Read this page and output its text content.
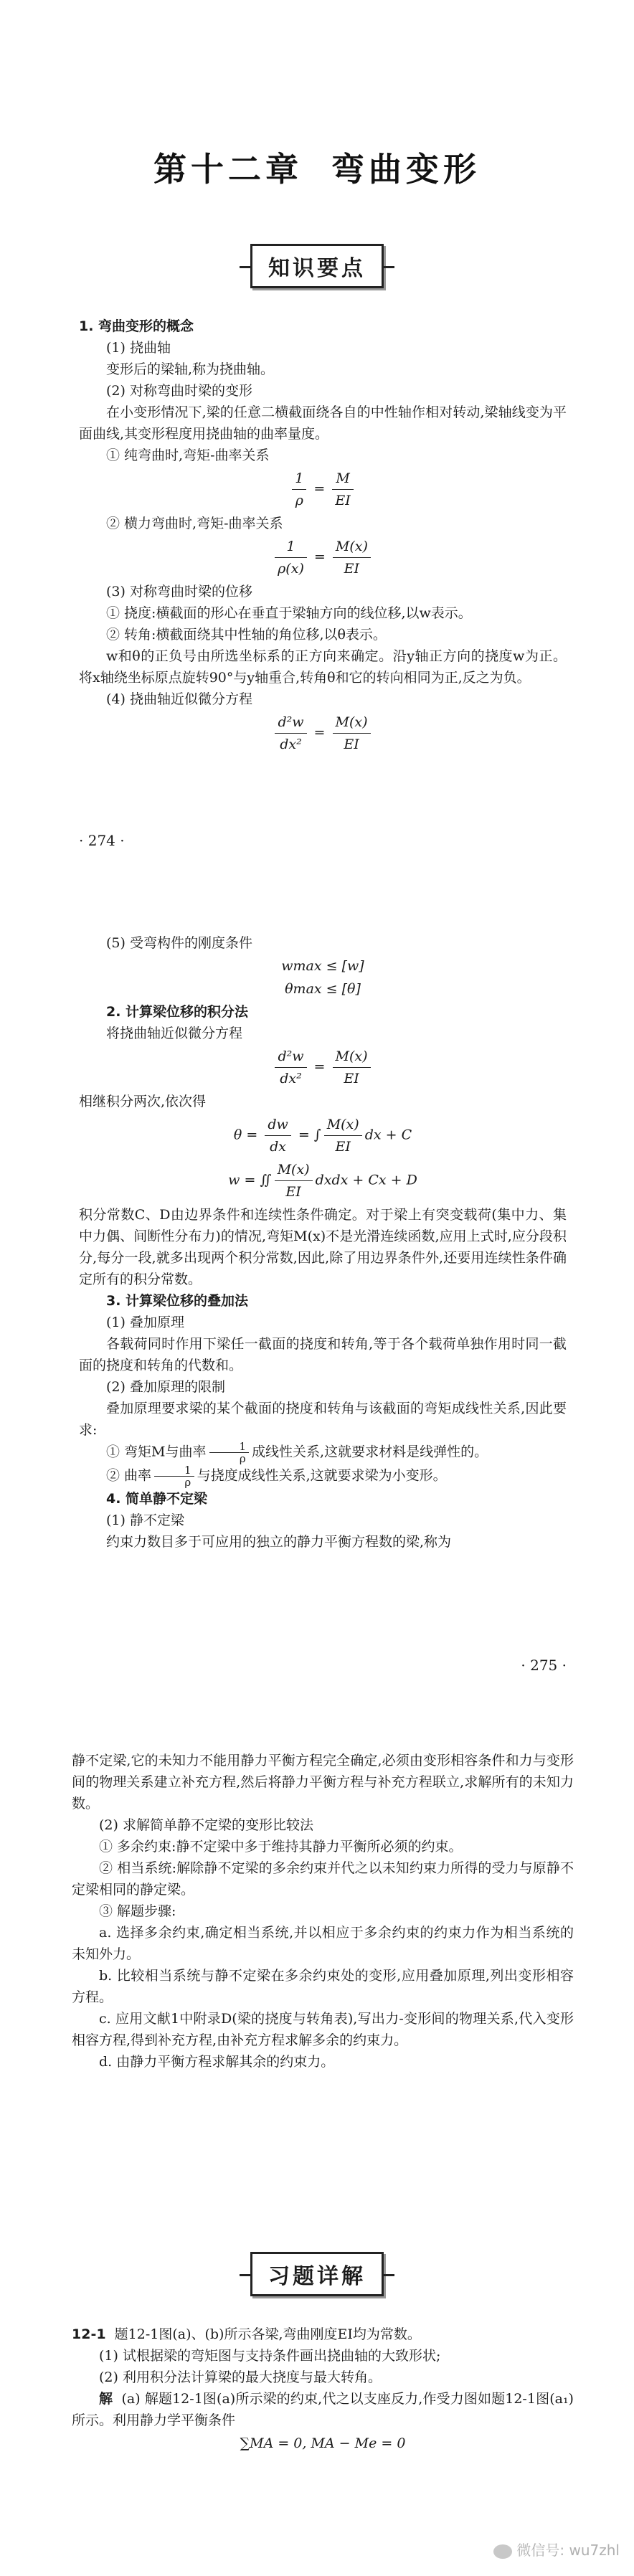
第十二章 弯曲变形
知识要点

1. 弯曲变形的概念

(1) 挠曲轴

变形后的梁轴,称为挠曲轴。

(2) 对称弯曲时梁的变形

在小变形情况下,梁的任意二横截面绕各自的中性轴作相对转动,梁轴线变为平面曲线,其变形程度用挠曲轴的曲率量度。

① 纯弯曲时,弯矩-曲率关系

$\frac{1}{\rho} = \frac{M}{EI}$

② 横力弯曲时,弯矩-曲率关系

$\frac{1}{\rho(x)} = \frac{M(x)}{EI}$

(3) 对称弯曲时梁的位移

① 挠度:横截面的形心在垂直于梁轴方向的线位移,以w表示。

② 转角:横截面绕其中性轴的角位移,以θ表示。

w和θ的正负号由所选坐标系的正方向来确定。沿y轴正方向的挠度w为正。将x轴绕坐标原点旋转90°与y轴重合,转角θ和它的转向相同为正,反之为负。

(4) 挠曲轴近似微分方程

$\frac{\text{d²w}}{\text{dx²}} = \frac{M(x)}{EI}$
· 274 ·

(5) 受弯构件的刚度条件

wmax ≤ [w]
θmax ≤ [θ]

2. 计算梁位移的积分法

将挠曲轴近似微分方程

$\frac{\text{d²w}}{\text{dx²}} = \frac{M(x)}{EI}$

相继积分两次,依次得

$\theta = \frac{dw}{dx}$ = ∫ $\frac{M(x)}{EI}$ dx + C
w = ∬ $\frac{M(x)}{EI}$ dxdx + Cx + D

积分常数C、D由边界条件和连续性条件确定。对于梁上有突变载荷(集中力、集中力偶、间断性分布力)的情况,弯矩M(x)不是光滑连续函数,应用上式时,应分段积分,每分一段,就多出现两个积分常数,因此,除了用边界条件外,还要用连续性条件确定所有的积分常数。

3. 计算梁位移的叠加法

(1) 叠加原理

各载荷同时作用下梁任一截面的挠度和转角,等于各个载荷单独作用时同一截面的挠度和转角的代数和。

(2) 叠加原理的限制

叠加原理要求梁的某个截面的挠度和转角与该截面的弯矩成线性关系,因此要求:

① 弯矩M与曲率 $\frac{1}{\rho}$ 成线性关系,这就要求材料是线弹性的。

② 曲率 $\frac{1}{\rho}$ 与挠度成线性关系,这就要求梁为小变形。

4. 简单静不定梁

(1) 静不定梁

约束力数目多于可应用的独立的静力平衡方程数的梁,称为

· 275 ·

静不定梁,它的未知力不能用静力平衡方程完全确定,必须由变形相容条件和力与变形间的物理关系建立补充方程,然后将静力平衡方程与补充方程联立,求解所有的未知力数。

(2) 求解简单静不定梁的变形比较法

① 多余约束:静不定梁中多于维持其静力平衡所必须的约束。

② 相当系统:解除静不定梁的多余约束并代之以未知约束力所得的受力与原静不定梁相同的静定梁。

③ 解题步骤:

a. 选择多余约束,确定相当系统,并以相应于多余约束的约束力作为相当系统的未知外力。

b. 比较相当系统与静不定梁在多余约束处的变形,应用叠加原理,列出变形相容方程。

c. 应用文献1中附录D(梁的挠度与转角表),写出力-变形间的物理关系,代入变形相容方程,得到补充方程,由补充方程求解多余的约束力。

d. 由静力平衡方程求解其余的约束力。

习题详解

12-1 题12-1图(a)、(b)所示各梁,弯曲刚度EI均为常数。

(1) 试根据梁的弯矩图与支持条件画出挠曲轴的大致形状;

(2) 利用积分法计算梁的最大挠度与最大转角。

解 (a) 解题12-1图(a)所示梁的约束,代之以支座反力,作受力图如题12-1图(a₁)所示。利用静力学平衡条件

∑MA = 0, MA − Me = 0
微信号: wu7zhl
